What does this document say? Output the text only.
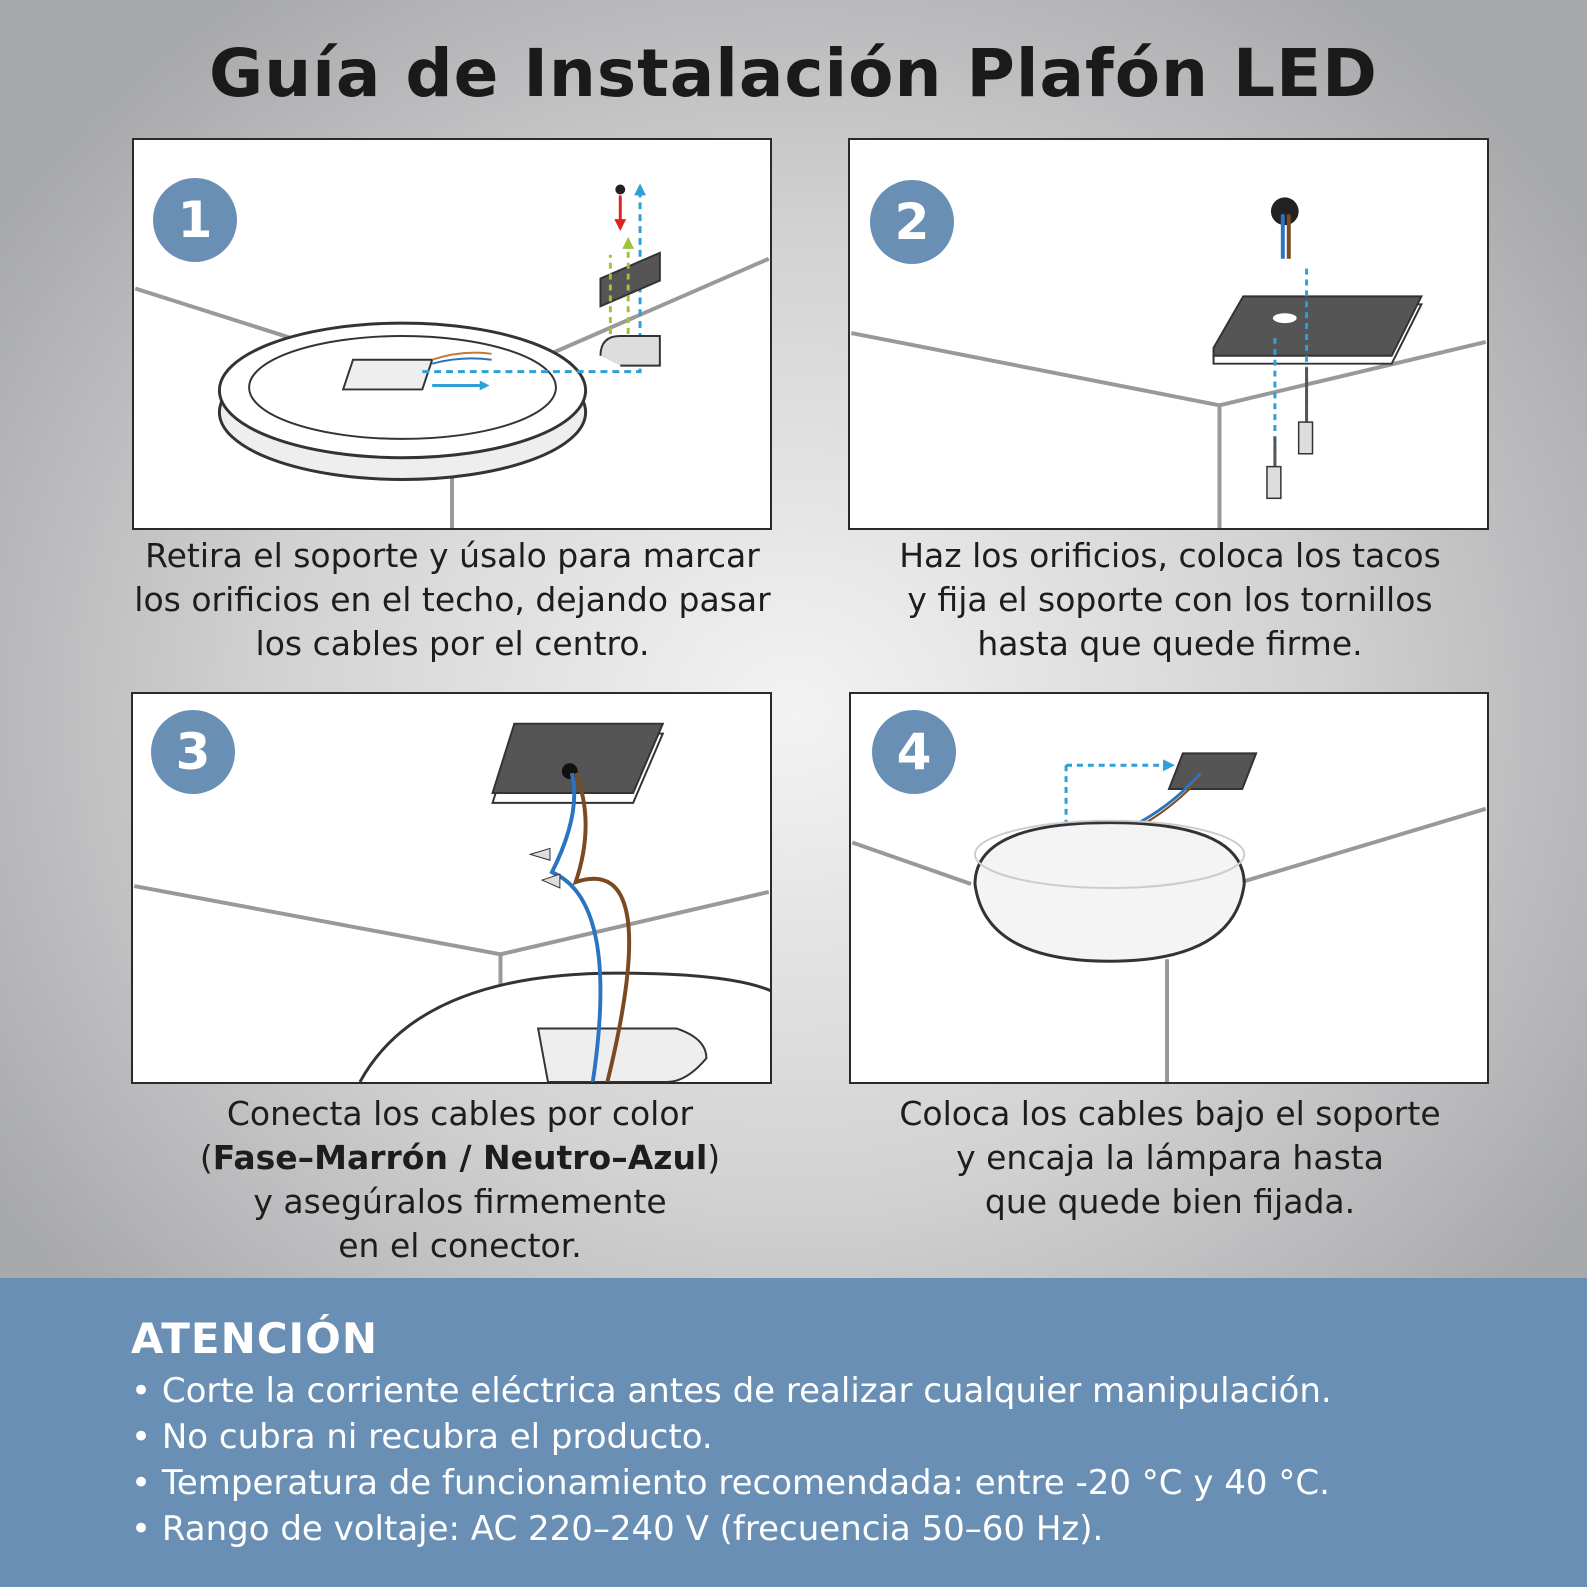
Guía de Instalación Plafón LED
1
Retira el soporte y úsalo para marcar
los orificios en el techo, dejando pasar
los cables por el centro.
2
Haz los orificios, coloca los tacos
y fija el soporte con los tornillos
hasta que quede firme.
3
Conecta los cables por color
(Fase–Marrón / Neutro–Azul)
y asegúralos firmemente
en el conector.
4
Coloca los cables bajo el soporte
y encaja la lámpara hasta
que quede bien fijada.
ATENCIÓN
• Corte la corriente eléctrica antes de realizar cualquier manipulación.
• No cubra ni recubra el producto.
• Temperatura de funcionamiento recomendada: entre -20 °C y 40 °C.
• Rango de voltaje: AC 220–240 V (frecuencia 50–60 Hz).
